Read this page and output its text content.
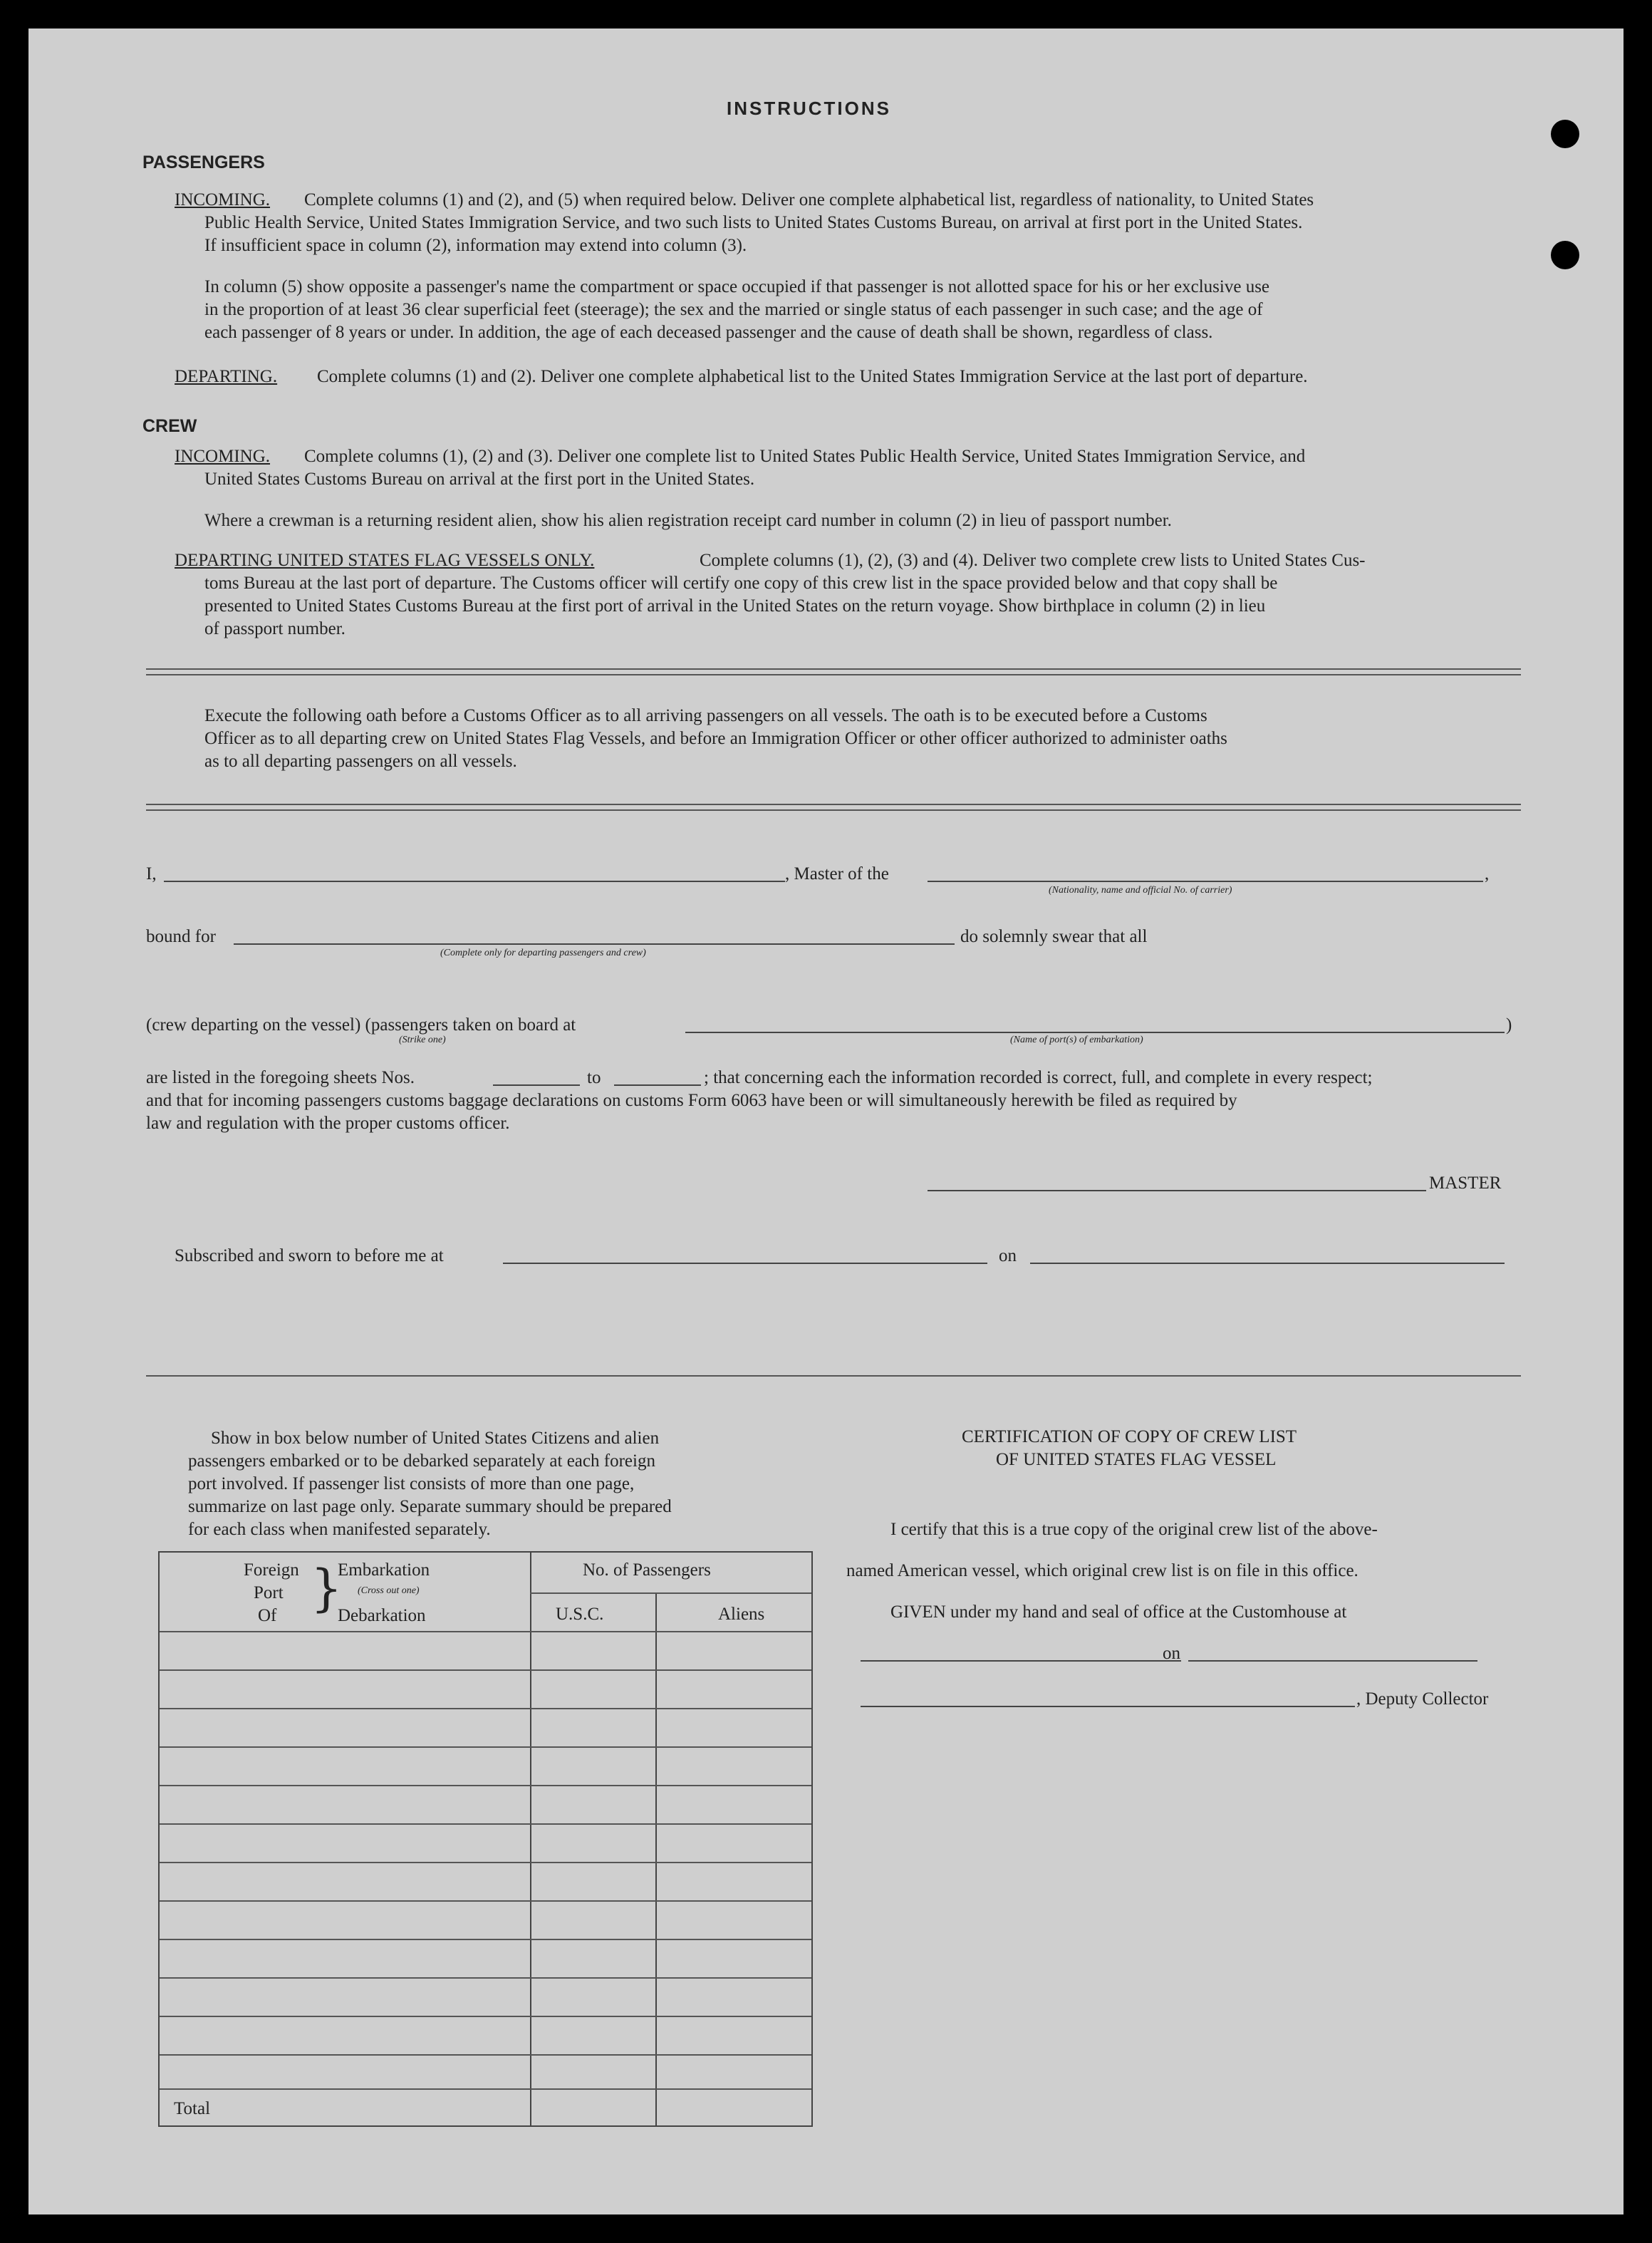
INSTRUCTIONS
PASSENGERS
INCOMING. Complete columns (1) and (2), and (5) when required below. Deliver one complete alphabetical list, regardless of nationality, to United States
Public Health Service, United States Immigration Service, and two such lists to United States Customs Bureau, on arrival at first port in the United States.
If insufficient space in column (2), information may extend into column (3).
In column (5) show opposite a passenger's name the compartment or space occupied if that passenger is not allotted space for his or her exclusive use
in the proportion of at least 36 clear superficial feet (steerage); the sex and the married or single status of each passenger in such case; and the age of
each passenger of 8 years or under. In addition, the age of each deceased passenger and the cause of death shall be shown, regardless of class.
DEPARTING. Complete columns (1) and (2). Deliver one complete alphabetical list to the United States Immigration Service at the last port of departure.
CREW
INCOMING. Complete columns (1), (2) and (3). Deliver one complete list to United States Public Health Service, United States Immigration Service, and
United States Customs Bureau on arrival at the first port in the United States.
Where a crewman is a returning resident alien, show his alien registration receipt card number in column (2) in lieu of passport number.
DEPARTING UNITED STATES FLAG VESSELS ONLY.	Complete columns (1), (2), (3) and (4). Deliver two complete crew lists to United States Cus-
toms Bureau at the last port of departure. The Customs officer will certify one copy of this crew list in the space provided below and that copy shall be
presented to United States Customs Bureau at the first port of arrival in the United States on the return voyage. Show birthplace in column (2) in lieu
of passport number.
Execute the following oath before a Customs Officer as to all arriving passengers on all vessels. The oath is to be executed before a Customs
Officer as to all departing crew on United States Flag Vessels, and before an Immigration Officer or other officer authorized to administer oaths
as to all departing passengers on all vessels.
I,	, Master of the	,
(Nationality, name and official No. of carrier)
bound for	do solemnly swear that all
(Complete only for departing passengers and crew)
(crew departing on the vessel) (passengers taken on board at	)
(Strike one)	(Name of port(s) of embarkation)
are listed in the foregoing sheets Nos.	to	; that concerning each the information recorded is correct, full, and complete in every respect;
and that for incoming passengers customs baggage declarations on customs Form 6063 have been or will simultaneously herewith be filed as required by
law and regulation with the proper customs officer.
MASTER
Subscribed and sworn to before me at	on
Show in box below number of United States Citizens and alien
passengers embarked or to be debarked separately at each foreign
port involved. If passenger list consists of more than one page,
summarize on last page only. Separate summary should be prepared
for each class when manifested separately.
Foreign
Port
Of }
Embarkation
(Cross out one)
Debarkation
No. of Passengers
U.S.C.	Aliens
Total
CERTIFICATION OF COPY OF CREW LIST
OF UNITED STATES FLAG VESSEL
I certify that this is a true copy of the original crew list of the above-
named American vessel, which original crew list is on file in this office.
GIVEN under my hand and seal of office at the Customhouse at
on
, Deputy Collector
